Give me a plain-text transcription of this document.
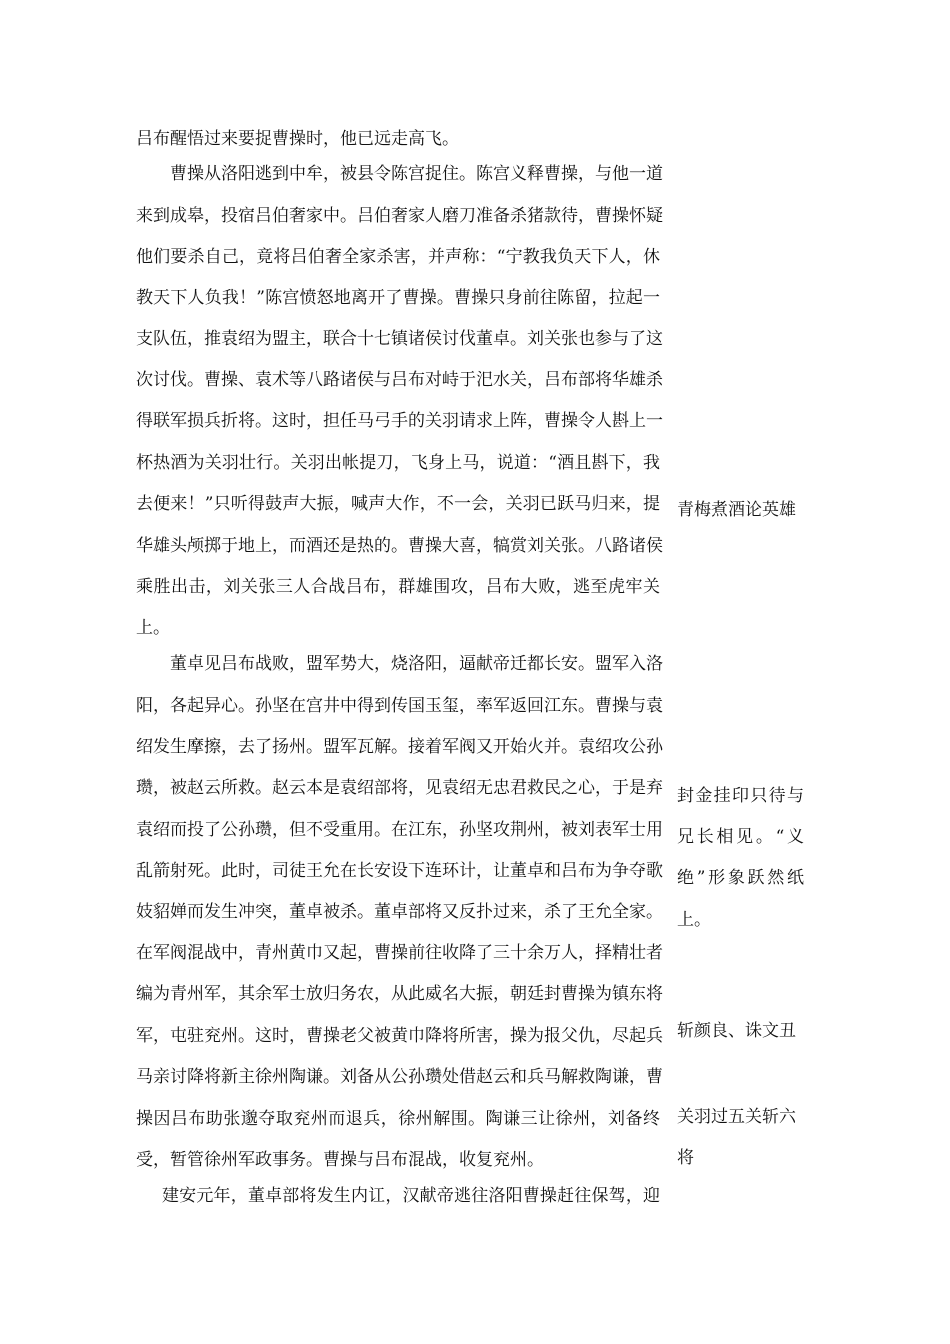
吕布醒悟过来要捉曹操时，他已远走高飞。
曹操从洛阳逃到中牟，被县令陈宫捉住。陈宫义释曹操，与他一道
来到成皋，投宿吕伯奢家中。吕伯奢家人磨刀准备杀猪款待，曹操怀疑
他们要杀自己，竟将吕伯奢全家杀害，并声称：“宁教我负天下人，休
教天下人负我！”陈宫愤怒地离开了曹操。曹操只身前往陈留，拉起一
支队伍，推袁绍为盟主，联合十七镇诸侯讨伐董卓。刘关张也参与了这
次讨伐。曹操、袁术等八路诸侯与吕布对峙于汜水关，吕布部将华雄杀
得联军损兵折将。这时，担任马弓手的关羽请求上阵，曹操令人斟上一
杯热酒为关羽壮行。关羽出帐提刀，飞身上马，说道：“酒且斟下，我
去便来！”只听得鼓声大振，喊声大作，不一会，关羽已跃马归来，提
华雄头颅掷于地上，而酒还是热的。曹操大喜，犒赏刘关张。八路诸侯
乘胜出击，刘关张三人合战吕布，群雄围攻，吕布大败，逃至虎牢关
上。
董卓见吕布战败，盟军势大，烧洛阳，逼献帝迁都长安。盟军入洛
阳，各起异心。孙坚在宫井中得到传国玉玺，率军返回江东。曹操与袁
绍发生摩擦，去了扬州。盟军瓦解。接着军阀又开始火并。袁绍攻公孙
瓒，被赵云所救。赵云本是袁绍部将，见袁绍无忠君救民之心，于是弃
袁绍而投了公孙瓒，但不受重用。在江东，孙坚攻荆州，被刘表军士用
乱箭射死。此时，司徒王允在长安设下连环计，让董卓和吕布为争夺歌
妓貂婵而发生冲突，董卓被杀。董卓部将又反扑过来，杀了王允全家。
在军阀混战中，青州黄巾又起，曹操前往收降了三十余万人，择精壮者
编为青州军，其余军士放归务农，从此威名大振，朝廷封曹操为镇东将
军，屯驻兖州。这时，曹操老父被黄巾降将所害，操为报父仇，尽起兵
马亲讨降将新主徐州陶谦。刘备从公孙瓒处借赵云和兵马解救陶谦，曹
操因吕布助张邈夺取兖州而退兵，徐州解围。陶谦三让徐州，刘备终
受，暂管徐州军政事务。曹操与吕布混战，收复兖州。
建安元年，董卓部将发生内讧，汉献帝逃往洛阳曹操赶往保驾，迎
青梅煮酒论英雄
封金挂印只待与
兄长相见。“义
绝”形象跃然纸
上。
斩颜良、诛文丑
关羽过五关斩六
将
